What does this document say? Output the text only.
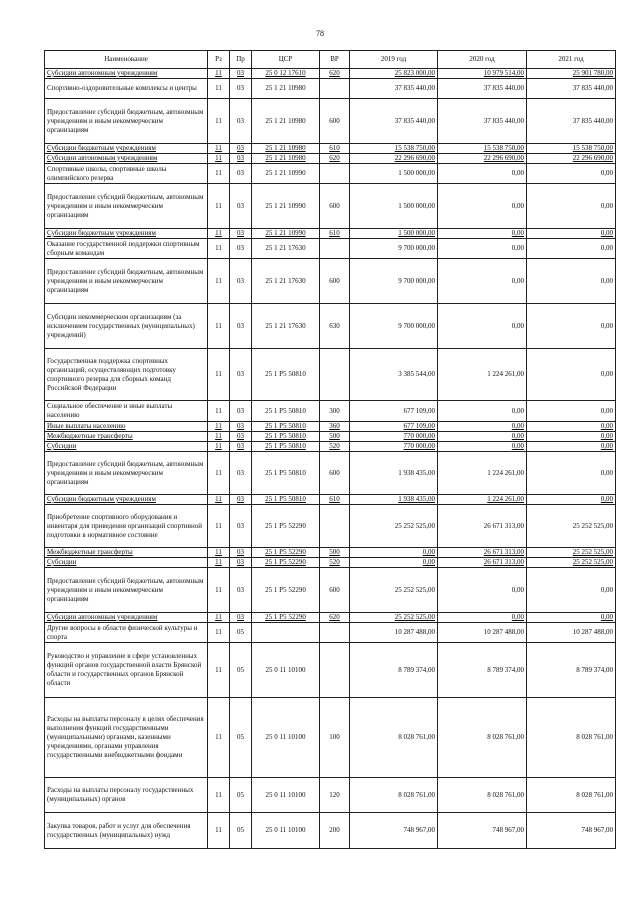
78
Наименование	Рз	Пр	ЦСР	ВР	2019 год	2020 год	2021 год
Субсидии автономным учреждениям	11	03	25 0 12 17610	620	25 823 000,00	10 979 514,00	25 901 780,00
Спортивно-оздоровительные комплексы и центры	11	03	25 1 21 10980		37 835 440,00	37 835 440,00	37 835 440,00
Предоставление субсидий бюджетным, автономным учреждениям и иным некоммерческим организациям	11	03	25 1 21 10980	600	37 835 440,00	37 835 440,00	37 835 440,00
Субсидии бюджетным учреждениям	11	03	25 1 21 10980	610	15 538 750,00	15 538 750,00	15 538 750,00
Субсидии автономным учреждениям	11	03	25 1 21 10980	620	22 296 690,00	22 296 690,00	22 296 690,00
Спортивные школы, спортивные школы олимпийского резерва	11	03	25 1 21 10990		1 500 000,00	0,00	0,00
Предоставление субсидий бюджетным, автономным учреждениям и иным некоммерческим организациям	11	03	25 1 21 10990	600	1 500 000,00	0,00	0,00
Субсидии бюджетным учреждениям	11	03	25 1 21 10990	610	1 500 000,00	0,00	0,00
Оказание государственной поддержки спортивным сборным командам	11	03	25 1 21 17630		9 700 000,00	0,00	0,00
Предоставление субсидий бюджетным, автономным учреждениям и иным некоммерческим организациям	11	03	25 1 21 17630	600	9 700 000,00	0,00	0,00
Субсидии некоммерческим организациям (за исключением государственных (муниципальных) учреждений)	11	03	25 1 21 17630	630	9 700 000,00	0,00	0,00
Государственная поддержка спортивных организаций, осуществляющих подготовку спортивного резерва для сборных команд Российской Федерации	11	03	25 1 P5 50810		3 385 544,00	1 224 261,00	0,00
Социальное обеспечение и иные выплаты населению	11	03	25 1 P5 50810	300	677 109,00	0,00	0,00
Иные выплаты населению	11	03	25 1 P5 50810	360	677 109,00	0,00	0,00
Межбюджетные трансферты	11	03	25 1 P5 50810	500	770 000,00	0,00	0,00
Субсидии	11	03	25 1 P5 50810	520	770 000,00	0,00	0,00
Предоставление субсидий бюджетным, автономным учреждениям и иным некоммерческим организациям	11	03	25 1 P5 50810	600	1 938 435,00	1 224 261,00	0,00
Субсидии бюджетным учреждениям	11	03	25 1 P5 50810	610	1 938 435,00	1 224 261,00	0,00
Приобретение спортивного оборудования и инвентаря для приведения организаций спортивной подготовки в нормативное состояние	11	03	25 1 P5 52290		25 252 525,00	26 671 313,00	25 252 525,00
Межбюджетные трансферты	11	03	25 1 P5 52290	500	0,00	26 671 313,00	25 252 525,00
Субсидии	11	03	25 1 P5 52290	520	0,00	26 671 313,00	25 252 525,00
Предоставление субсидий бюджетным, автономным учреждениям и иным некоммерческим организациям	11	03	25 1 P5 52290	600	25 252 525,00	0,00	0,00
Субсидии автономным учреждениям	11	03	25 1 P5 52290	620	25 252 525,00	0,00	0,00
Другие вопросы в области физической культуры и спорта	11	05			10 287 488,00	10 287 488,00	10 287 488,00
Руководство и управление в сфере установленных функций органов государственной власти Брянской области и государственных органов Брянской области	11	05	25 0 11 10100		8 789 374,00	8 789 374,00	8 789 374,00
Расходы на выплаты персоналу в целях обеспечения выполнения функций государственными (муниципальными) органами, казенными учреждениями, органами управления государственными внебюджетными фондами	11	05	25 0 11 10100	100	8 028 761,00	8 028 761,00	8 028 761,00
Расходы на выплаты персоналу государственных (муниципальных) органов	11	05	25 0 11 10100	120	8 028 761,00	8 028 761,00	8 028 761,00
Закупка товаров, работ и услуг для обеспечения государственных (муниципальных) нужд	11	05	25 0 11 10100	200	748 967,00	748 967,00	748 967,00
